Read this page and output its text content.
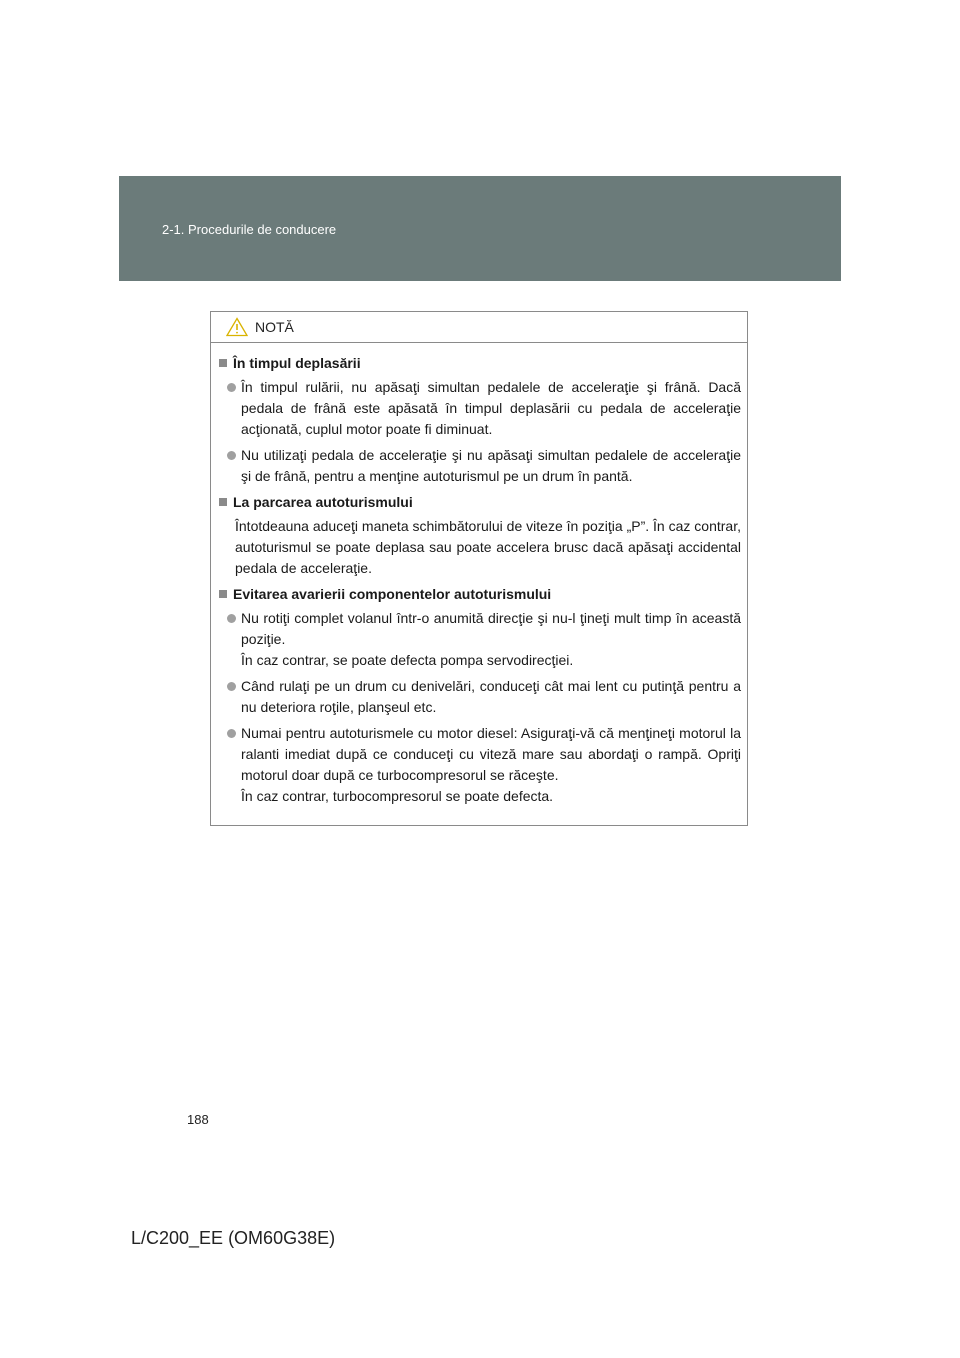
2-1. Procedurile de conducere
NOTĂ
În timpul deplasării
În timpul rulării, nu apăsaţi simultan pedalele de acceleraţie şi frână. Dacă pedala de frână este apăsată în timpul deplasării cu pedala de acceleraţie acţionată, cuplul motor poate fi diminuat.
Nu utilizaţi pedala de acceleraţie şi nu apăsaţi simultan pedalele de acceleraţie şi de frână, pentru a menţine autoturismul pe un drum în pantă.
La parcarea autoturismului
Întotdeauna aduceţi maneta schimbătorului de viteze în poziţia „P”. În caz contrar, autoturismul se poate deplasa sau poate accelera brusc dacă apăsaţi accidental pedala de acceleraţie.
Evitarea avarierii componentelor autoturismului
Nu rotiţi complet volanul într-o anumită direcţie şi nu-l ţineţi mult timp în această poziţie.
În caz contrar, se poate defecta pompa servodirecţiei.
Când rulaţi pe un drum cu denivelări, conduceţi cât mai lent cu putinţă pentru a nu deteriora roţile, planşeul etc.
Numai pentru autoturismele cu motor diesel: Asiguraţi-vă că menţineţi motorul la ralanti imediat după ce conduceţi cu viteză mare sau abordaţi o rampă. Opriţi motorul doar după ce turbocompresorul se răceşte.
În caz contrar, turbocompresorul se poate defecta.
188
L/C200_EE (OM60G38E)
